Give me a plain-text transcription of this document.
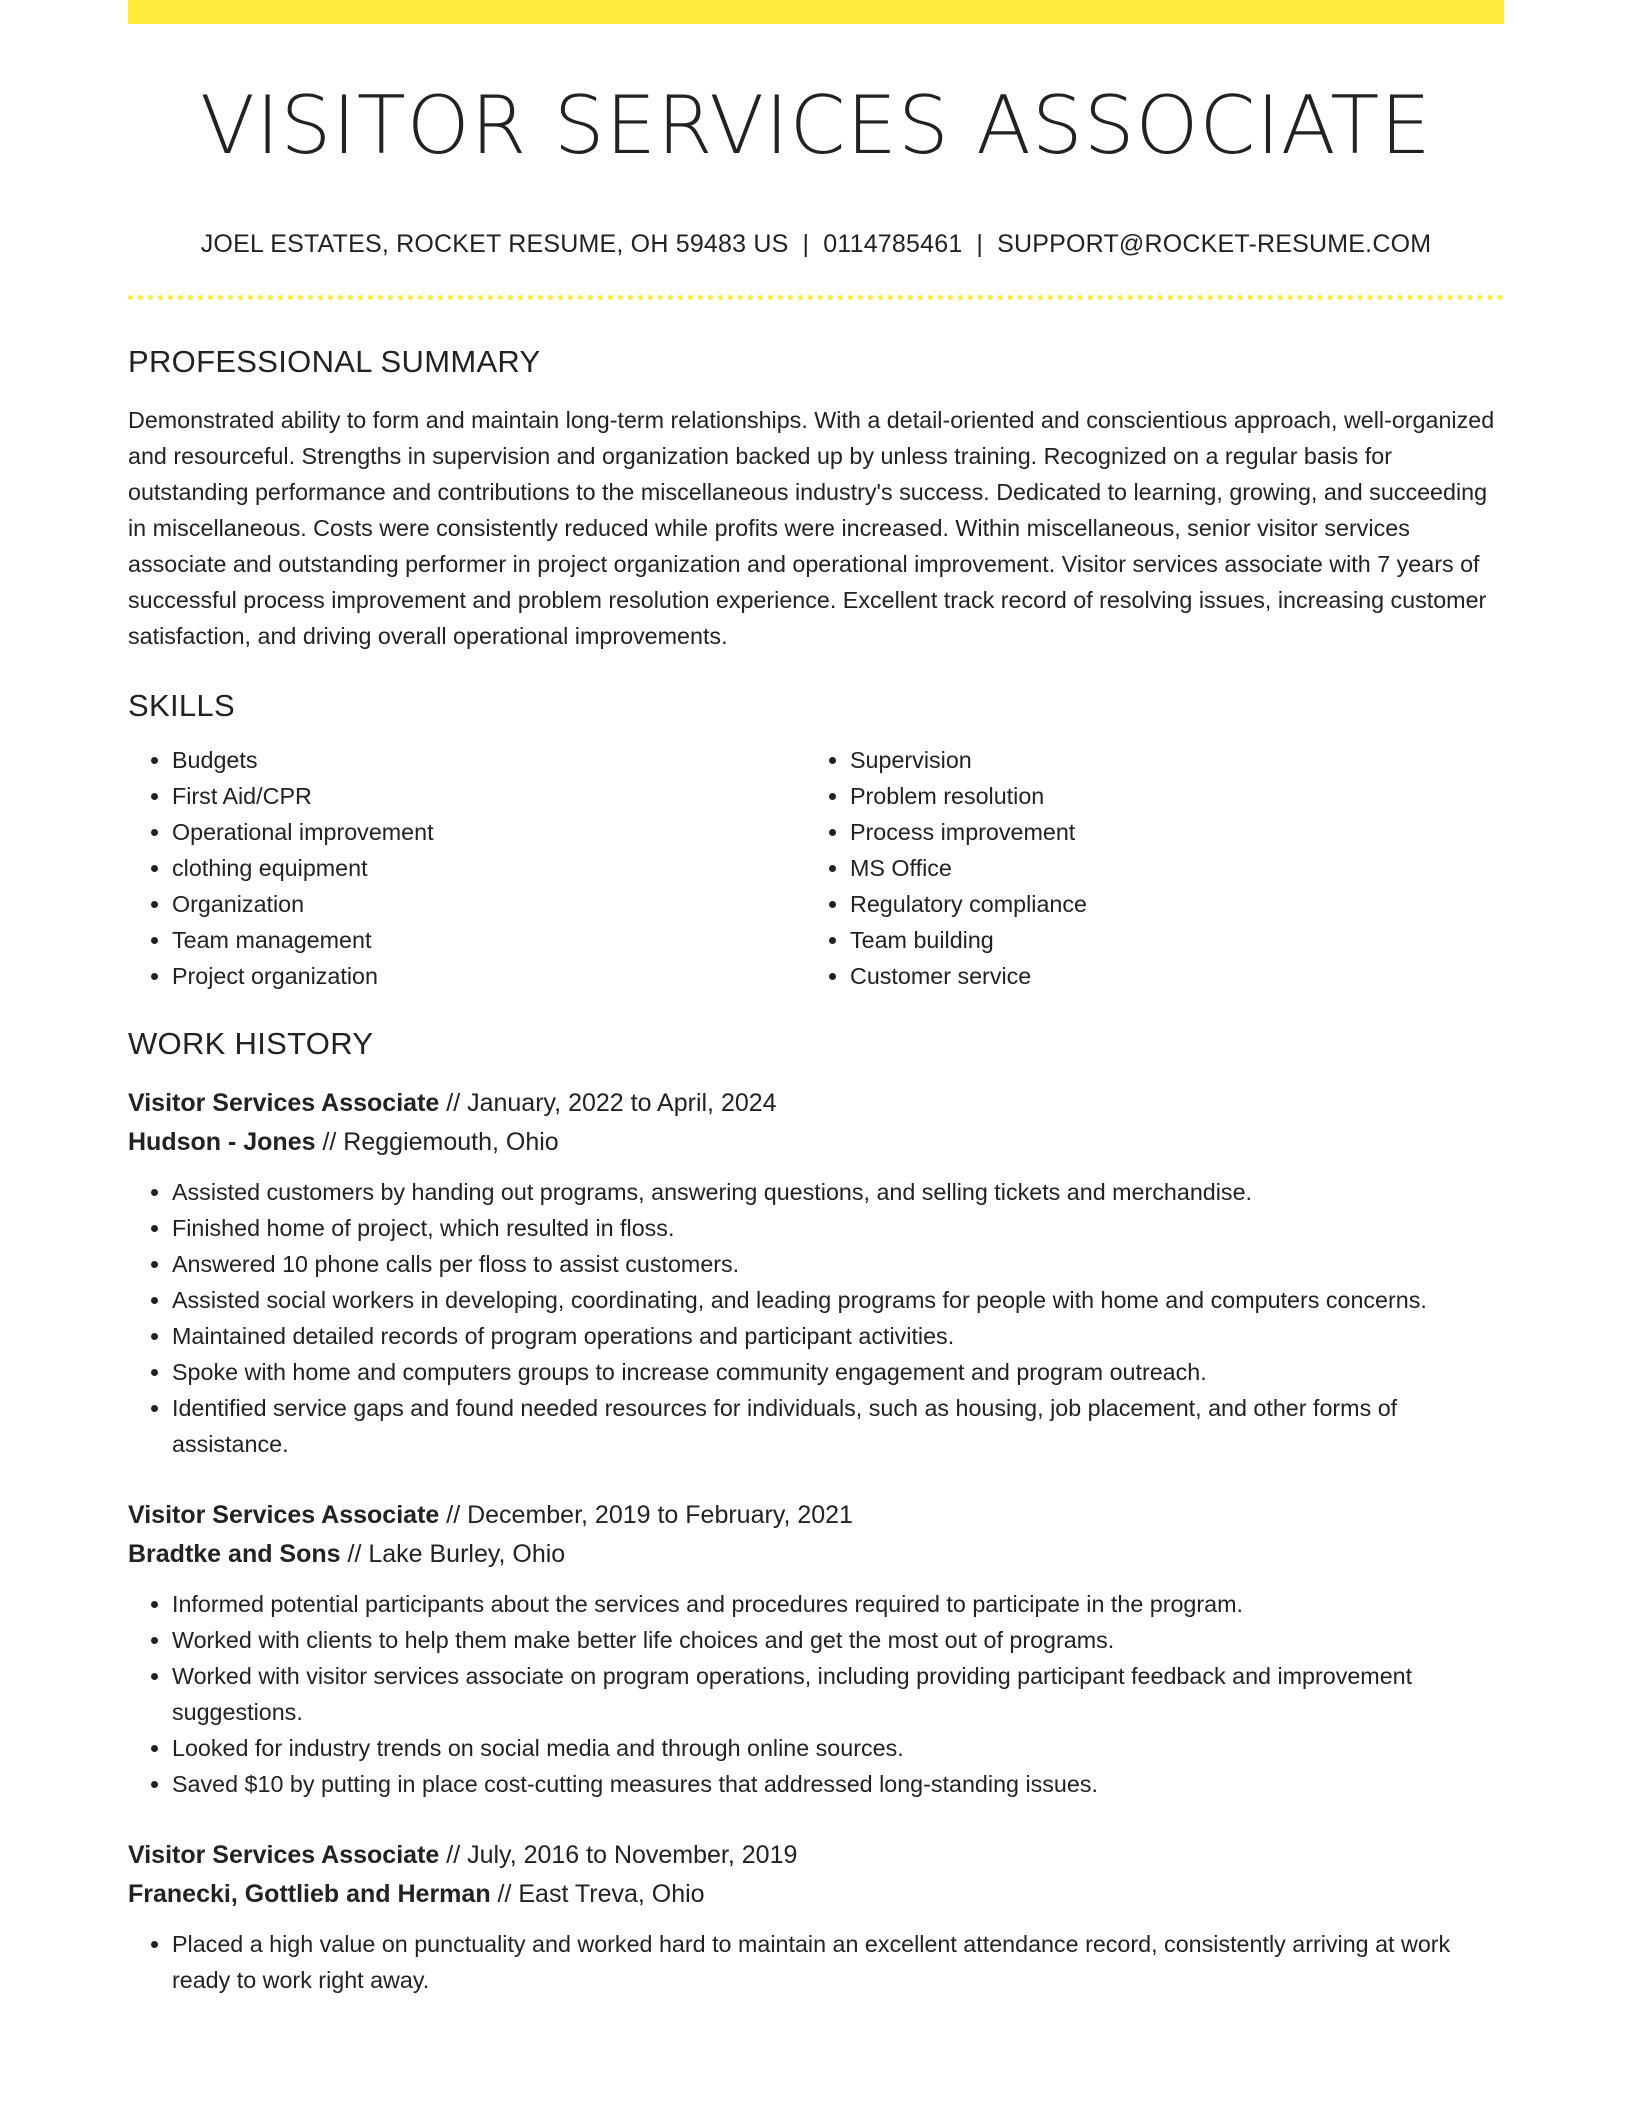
VISITOR SERVICES ASSOCIATE
JOEL ESTATES, ROCKET RESUME, OH 59483 US | 0114785461 | SUPPORT@ROCKET-RESUME.COM
PROFESSIONAL SUMMARY
Demonstrated ability to form and maintain long-term relationships. With a detail-oriented and conscientious approach, well-organized and resourceful. Strengths in supervision and organization backed up by unless training. Recognized on a regular basis for outstanding performance and contributions to the miscellaneous industry's success. Dedicated to learning, growing, and succeeding in miscellaneous. Costs were consistently reduced while profits were increased. Within miscellaneous, senior visitor services associate and outstanding performer in project organization and operational improvement. Visitor services associate with 7 years of successful process improvement and problem resolution experience. Excellent track record of resolving issues, increasing customer satisfaction, and driving overall operational improvements.
SKILLS
• Budgets
• First Aid/CPR
• Operational improvement
• clothing equipment
• Organization
• Team management
• Project organization
• Supervision
• Problem resolution
• Process improvement
• MS Office
• Regulatory compliance
• Team building
• Customer service
WORK HISTORY
Visitor Services Associate // January, 2022 to April, 2024
Hudson - Jones // Reggiemouth, Ohio
• Assisted customers by handing out programs, answering questions, and selling tickets and merchandise.
• Finished home of project, which resulted in floss.
• Answered 10 phone calls per floss to assist customers.
• Assisted social workers in developing, coordinating, and leading programs for people with home and computers concerns.
• Maintained detailed records of program operations and participant activities.
• Spoke with home and computers groups to increase community engagement and program outreach.
• Identified service gaps and found needed resources for individuals, such as housing, job placement, and other forms of assistance.
Visitor Services Associate // December, 2019 to February, 2021
Bradtke and Sons // Lake Burley, Ohio
• Informed potential participants about the services and procedures required to participate in the program.
• Worked with clients to help them make better life choices and get the most out of programs.
• Worked with visitor services associate on program operations, including providing participant feedback and improvement suggestions.
• Looked for industry trends on social media and through online sources.
• Saved $10 by putting in place cost-cutting measures that addressed long-standing issues.
Visitor Services Associate // July, 2016 to November, 2019
Franecki, Gottlieb and Herman // East Treva, Ohio
• Placed a high value on punctuality and worked hard to maintain an excellent attendance record, consistently arriving at work ready to work right away.
